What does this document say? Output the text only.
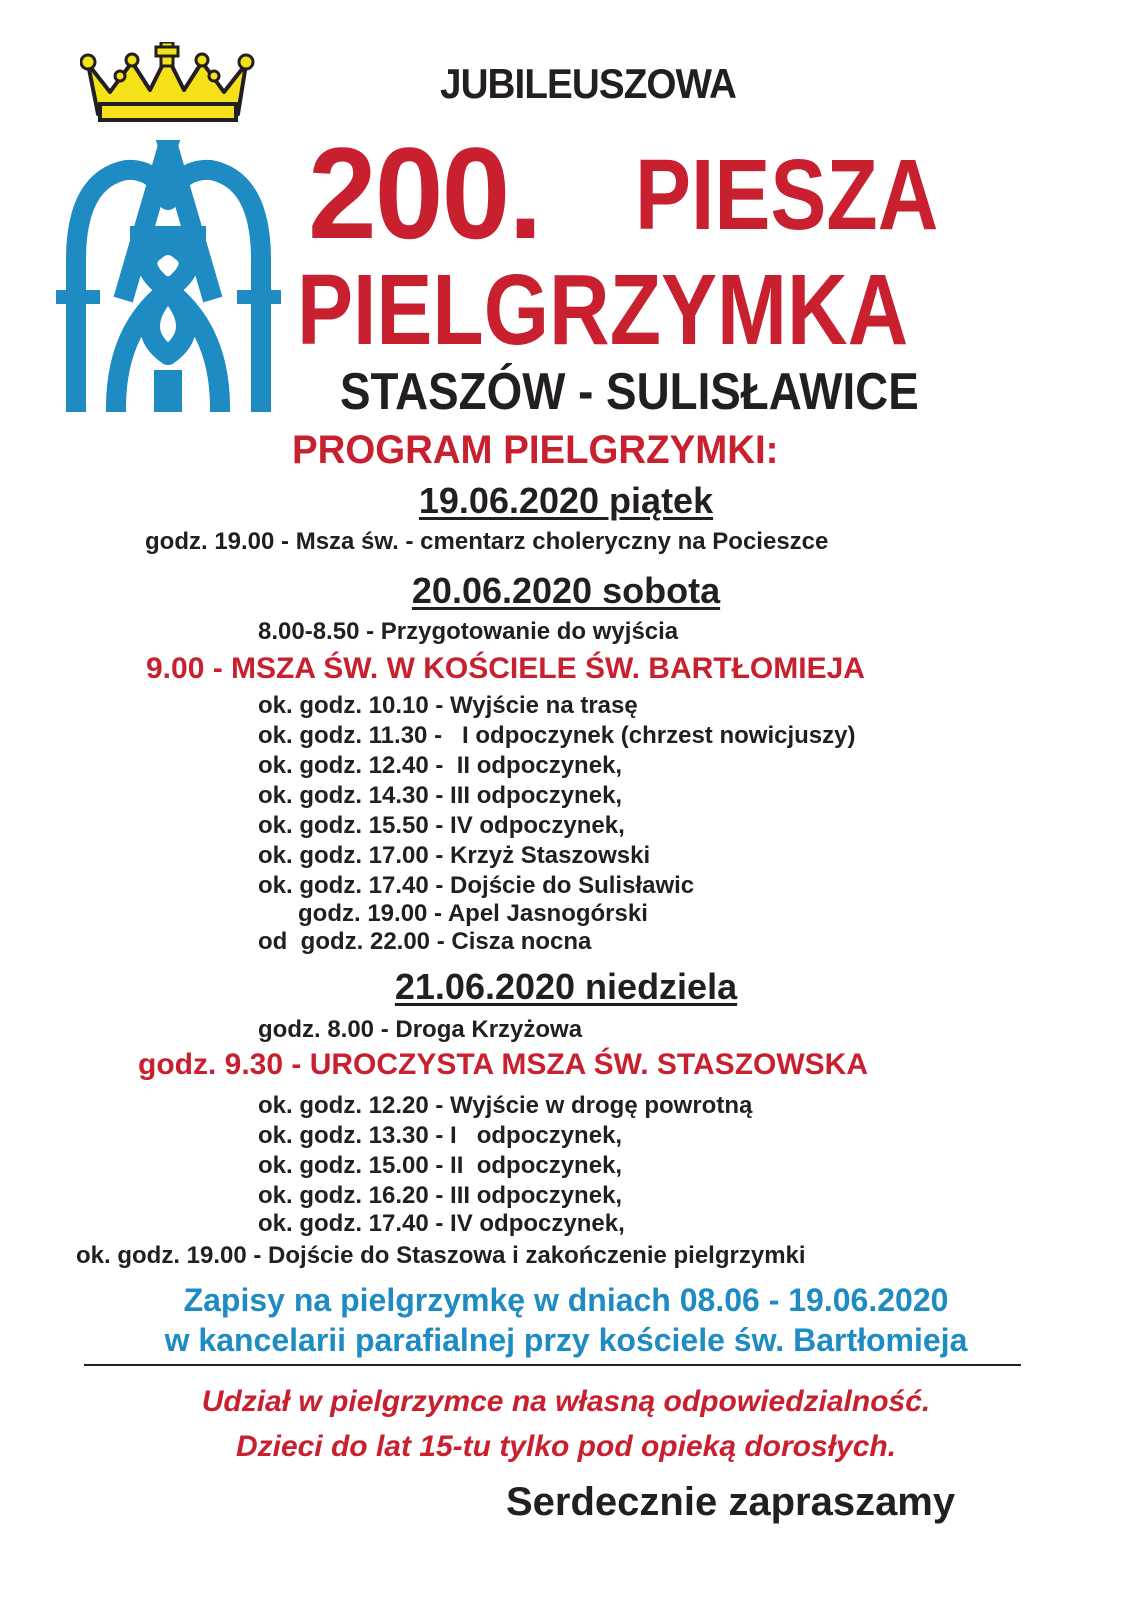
JUBILEUSZOWA
200. PIESZA
PIELGRZYMKA
STASZÓW - SULISŁAWICE
PROGRAM PIELGRZYMKI:
19.06.2020 piątek
godz. 19.00 - Msza św. - cmentarz choleryczny na Pocieszce
20.06.2020 sobota
8.00-8.50 - Przygotowanie do wyjścia
9.00 - MSZA ŚW. W KOŚCIELE ŚW. BARTŁOMIEJA
ok. godz. 10.10 - Wyjście na trasę
ok. godz. 11.30 -   I odpoczynek (chrzest nowicjuszy)
ok. godz. 12.40 -  II odpoczynek,
ok. godz. 14.30 - III odpoczynek,
ok. godz. 15.50 - IV odpoczynek,
ok. godz. 17.00 - Krzyż Staszowski
ok. godz. 17.40 - Dojście do Sulisławic
godz. 19.00 - Apel Jasnogórski
od  godz. 22.00 - Cisza nocna
21.06.2020 niedziela
godz. 8.00 - Droga Krzyżowa
godz. 9.30 - UROCZYSTA MSZA ŚW. STASZOWSKA
ok. godz. 12.20 - Wyjście w drogę powrotną
ok. godz. 13.30 - I   odpoczynek,
ok. godz. 15.00 - II  odpoczynek,
ok. godz. 16.20 - III odpoczynek,
ok. godz. 17.40 - IV odpoczynek,
ok. godz. 19.00 - Dojście do Staszowa i zakończenie pielgrzymki
Zapisy na pielgrzymkę w dniach 08.06 - 19.06.2020
w kancelarii parafialnej przy kościele św. Bartłomieja
Udział w pielgrzymce na własną odpowiedzialność.
Dzieci do lat 15-tu tylko pod opieką dorosłych.
Serdecznie zapraszamy
